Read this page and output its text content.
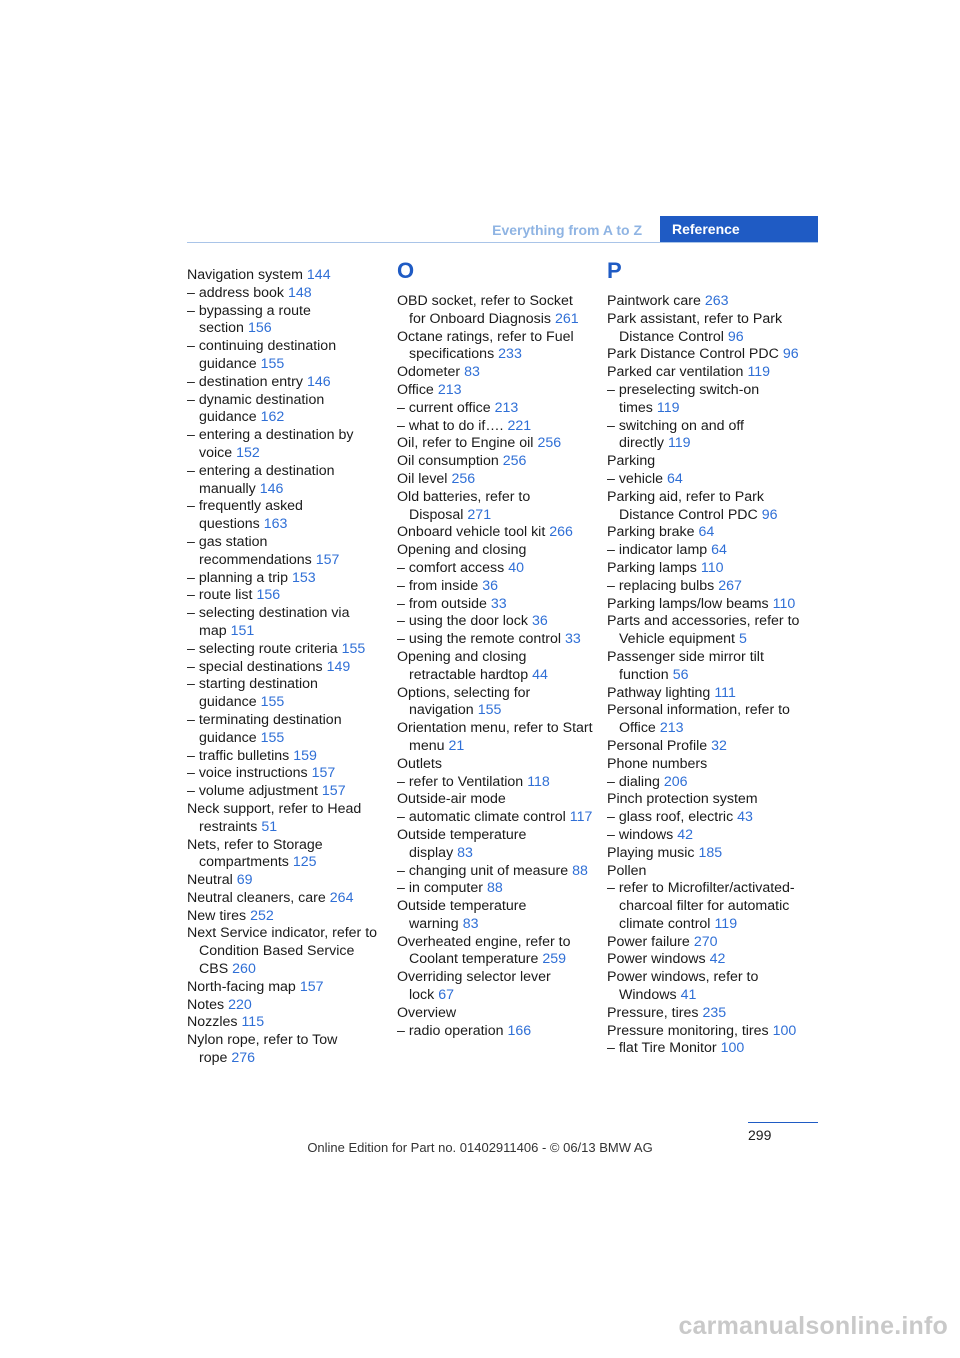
Everything from A to Z	Reference

Navigation system 144

– address book 148

– bypassing a route section 156

– continuing destination guidance 155

– destination entry 146

– dynamic destination guidance 162

– entering a destination by voice 152

– entering a destination manually 146

– frequently asked questions 163

– gas station recommendations 157

– planning a trip 153

– route list 156

– selecting destination via map 151

– selecting route criteria 155

– special destinations 149

– starting destination guidance 155

– terminating destination guidance 155

– traffic bulletins 159

– voice instructions 157

– volume adjustment 157

Neck support, refer to Head restraints 51

Nets, refer to Storage compartments 125

Neutral 69

Neutral cleaners, care 264

New tires 252

Next Service indicator, refer to Condition Based Service CBS 260

North-facing map 157

Notes 220

Nozzles 115

Nylon rope, refer to Tow rope 276

O

OBD socket, refer to Socket for Onboard Diagnosis 261

Octane ratings, refer to Fuel specifications 233

Odometer 83

Office 213

– current office 213

– what to do if…. 221

Oil, refer to Engine oil 256

Oil consumption 256

Oil level 256

Old batteries, refer to Disposal 271

Onboard vehicle tool kit 266

Opening and closing

– comfort access 40

– from inside 36

– from outside 33

– using the door lock 36

– using the remote control 33

Opening and closing retractable hardtop 44

Options, selecting for navigation 155

Orientation menu, refer to Start menu 21

Outlets

– refer to Ventilation 118

Outside-air mode

– automatic climate control 117

Outside temperature display 83

– changing unit of measure 88

– in computer 88

Outside temperature warning 83

Overheated engine, refer to Coolant temperature 259

Overriding selector lever lock 67

Overview

– radio operation 166

P

Paintwork care 263

Park assistant, refer to Park Distance Control 96

Park Distance Control PDC 96

Parked car ventilation 119

– preselecting switch-on times 119

– switching on and off directly 119

Parking

– vehicle 64

Parking aid, refer to Park Distance Control PDC 96

Parking brake 64

– indicator lamp 64

Parking lamps 110

– replacing bulbs 267

Parking lamps/low beams 110

Parts and accessories, refer to Vehicle equipment 5

Passenger side mirror tilt function 56

Pathway lighting 111

Personal information, refer to Office 213

Personal Profile 32

Phone numbers

– dialing 206

Pinch protection system

– glass roof, electric 43

– windows 42

Playing music 185

Pollen

– refer to Microfilter/activated-charcoal filter for automatic climate control 119

Power failure 270

Power windows 42

Power windows, refer to Windows 41

Pressure, tires 235

Pressure monitoring, tires 100

– flat Tire Monitor 100

299
Online Edition for Part no. 01402911406 - © 06/13 BMW AG
carmanualsonline.info
